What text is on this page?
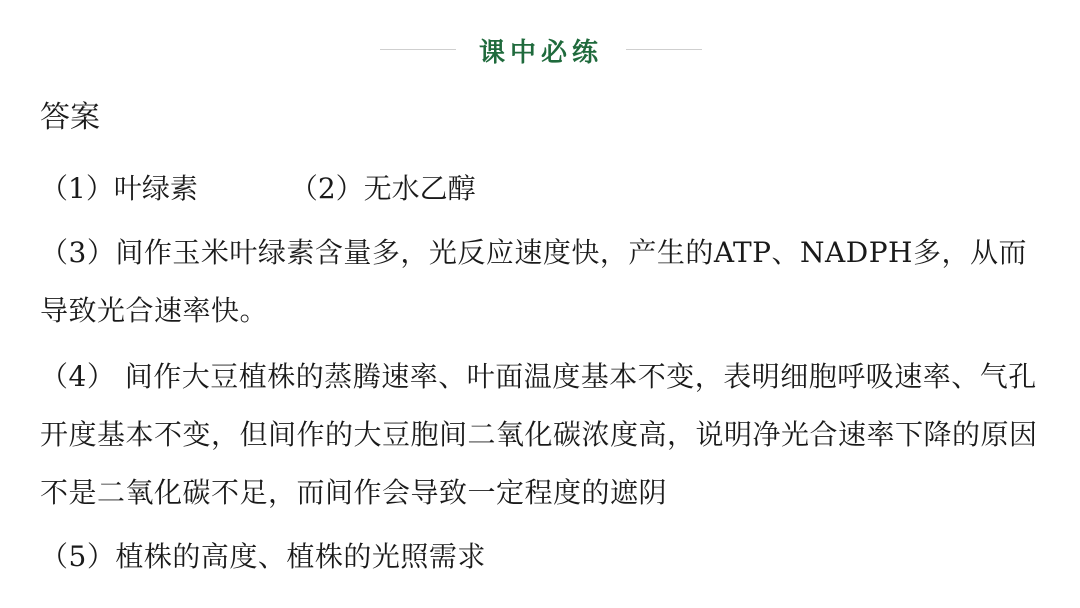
课中必练
答案
（1）叶绿素	（2）无水乙醇

（3）间作玉米叶绿素含量多，光反应速度快，产生的ATP、NADPH多，从而导致光合速率快。

（4） 间作大豆植株的蒸腾速率、叶面温度基本不变，表明细胞呼吸速率、气孔开度基本不变，但间作的大豆胞间二氧化碳浓度高，说明净光合速率下降的原因不是二氧化碳不足，而间作会导致一定程度的遮阴

（5）植株的高度、植株的光照需求
